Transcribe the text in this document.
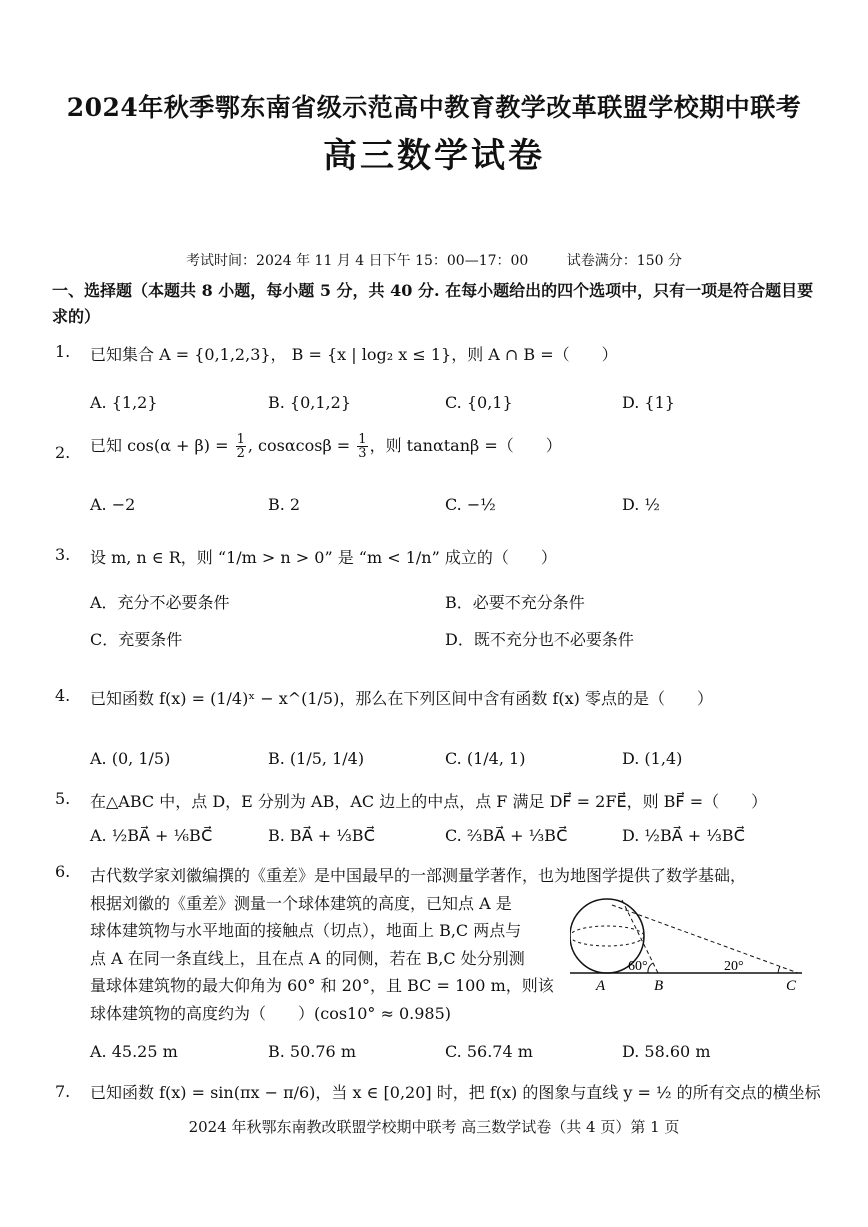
2024年秋季鄂东南省级示范高中教育教学改革联盟学校期中联考
高三数学试卷
考试时间：2024 年 11 月 4 日下午 15：00—17：00	试卷满分：150 分
一、选择题（本题共 8 小题，每小题 5 分，共 40 分. 在每小题给出的四个选项中，只有一项是符合题目要求的）
1. 已知集合 A = {0,1,2,3}， B = {x | log₂ x ≤ 1}，则 A ∩ B =（　　）
A. {1,2}	B. {0,1,2}	C. {0,1}	D. {1}
2. 已知 $\cos(\alpha + \beta) = \frac{1}{2}$ , $\cos\alpha\cos\beta = \frac{1}{3}$ ，则 tanαtanβ =（　　）
A. −2	B. 2	C. −½	D. ½
3. 设 m, n ∈ R，则 “1/m > n > 0” 是 “m < 1/n” 成立的（　　）
A．充分不必要条件	B．必要不充分条件
C．充要条件	D．既不充分也不必要条件
4. 已知函数 f(x) = (1/4)ˣ − x^(1/5)，那么在下列区间中含有函数 f(x) 零点的是（　　）
A. (0, 1/5)	B. (1/5, 1/4)	C. (1/4, 1)	D. (1,4)
5. 在△ABC 中，点 D，E 分别为 AB，AC 边上的中点，点 F 满足 DF⃗ = 2FE⃗，则 BF⃗ =（　　）
A. ½BA⃗ + ⅙BC⃗	B. BA⃗ + ⅓BC⃗	C. ⅔BA⃗ + ⅓BC⃗	D. ½BA⃗ + ⅓BC⃗
6. 古代数学家刘徽编撰的《重差》是中国最早的一部测量学著作，也为地图学提供了数学基础，
根据刘徽的《重差》测量一个球体建筑的高度，已知点 A 是
球体建筑物与水平地面的接触点（切点），地面上 B,C 两点与
点 A 在同一条直线上，且在点 A 的同侧，若在 B,C 处分别测
量球体建筑物的最大仰角为 60° 和 20°，且 BC = 100 m，则该
球体建筑物的高度约为（　　）(cos10° ≈ 0.985)
60°	20°
A	B	C
A. 45.25 m	B. 50.76 m	C. 56.74 m	D. 58.60 m
7. 已知函数 f(x) = sin(πx − π/6)，当 x ∈ [0,20] 时，把 f(x) 的图象与直线 y = ½ 的所有交点的横坐标
2024 年秋鄂东南教改联盟学校期中联考 高三数学试卷（共 4 页）第 1 页
